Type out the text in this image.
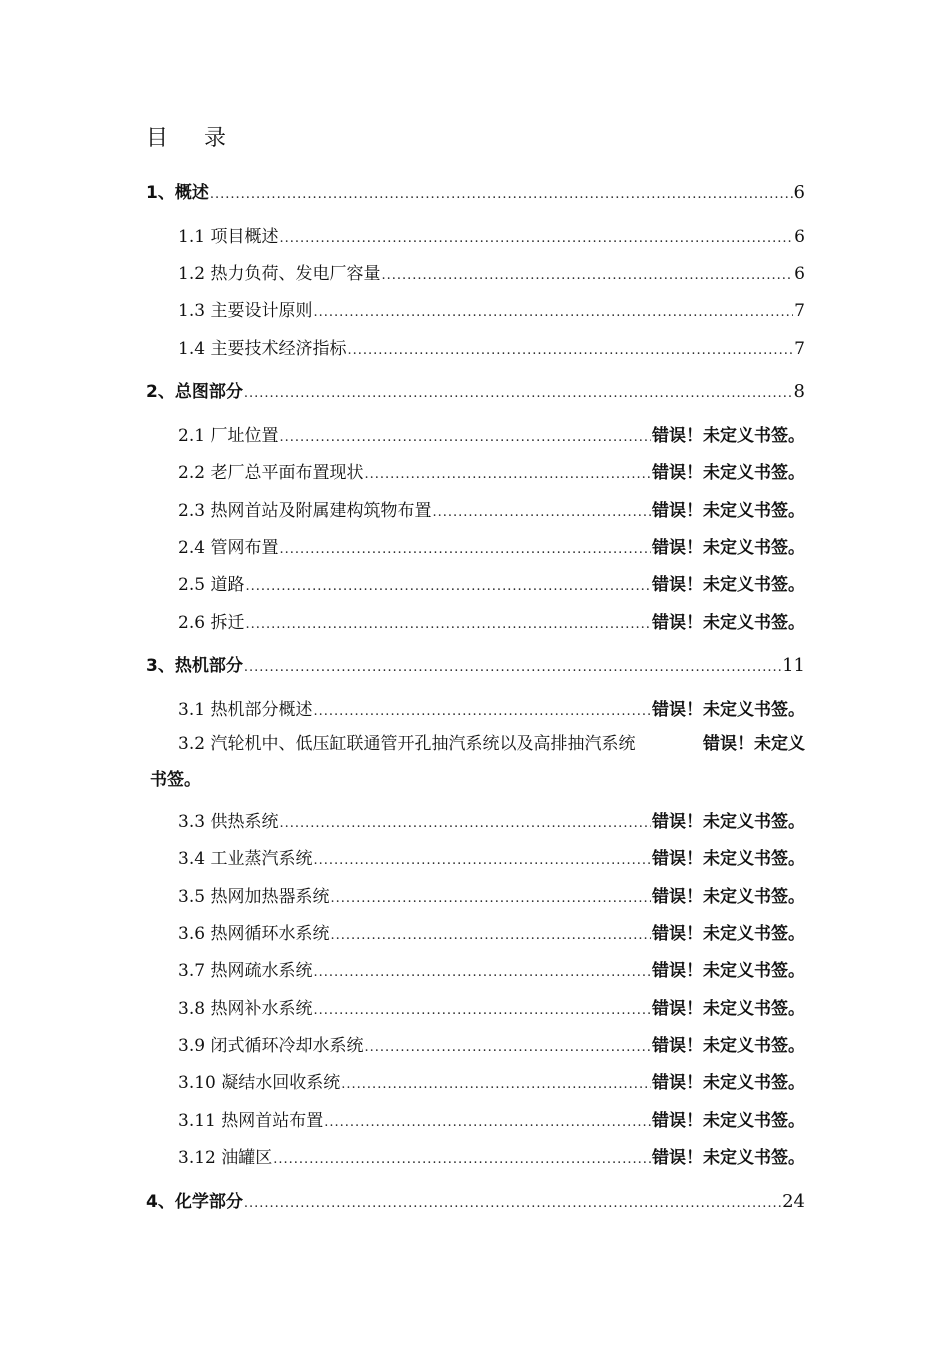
目录
1、概述 .....	6
1.1 项目概述 .....	6
1.2 热力负荷、发电厂容量 .....	6
1.3 主要设计原则 .....	7
1.4 主要技术经济指标 .....	7
2、总图部分 .....	8
2.1 厂址位置 .....	错误！未定义书签。
2.2 老厂总平面布置现状 .....	错误！未定义书签。
2.3 热网首站及附属建构筑物布置 .....	错误！未定义书签。
2.4 管网布置 .....	错误！未定义书签。
2.5 道路 .....	错误！未定义书签。
2.6 拆迁 .....	错误！未定义书签。
3、热机部分 .....	11
3.1 热机部分概述 .....	错误！未定义书签。
3.2 汽轮机中、低压缸联通管开孔抽汽系统以及高排抽汽系统	错误！未定义
书签。
3.3 供热系统 .....	错误！未定义书签。
3.4 工业蒸汽系统 .....	错误！未定义书签。
3.5 热网加热器系统 .....	错误！未定义书签。
3.6 热网循环水系统 .....	错误！未定义书签。
3.7 热网疏水系统 .....	错误！未定义书签。
3.8 热网补水系统 .....	错误！未定义书签。
3.9 闭式循环冷却水系统 .....	错误！未定义书签。
3.10 凝结水回收系统 .....	错误！未定义书签。
3.11 热网首站布置 .....	错误！未定义书签。
3.12 油罐区 .....	错误！未定义书签。
4、化学部分 .....	24
